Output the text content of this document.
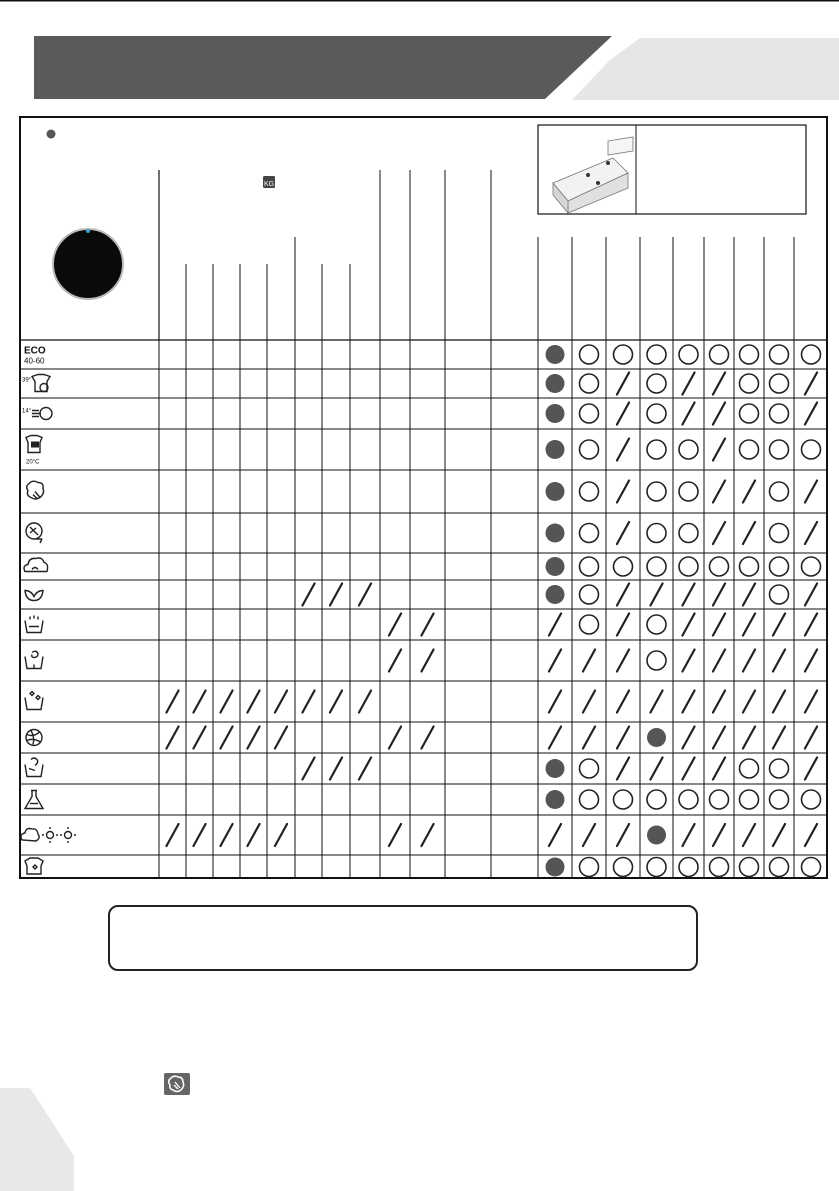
KG
ECO
40-60
39°
14°
20°C
